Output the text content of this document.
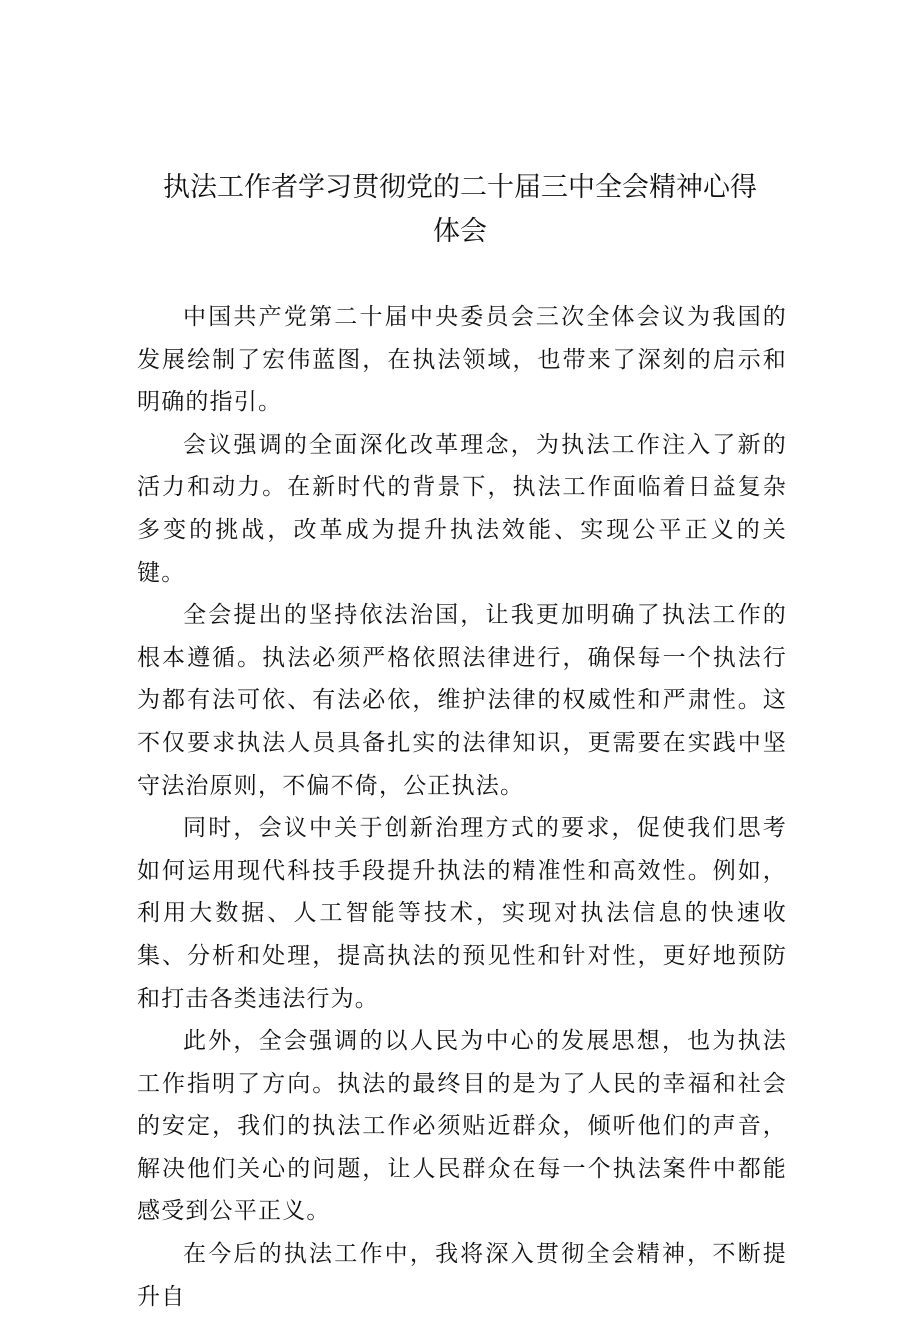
执法工作者学习贯彻党的二十届三中全会精神心得体会

中国共产党第二十届中央委员会三次全体会议为我国的发展绘制了宏伟蓝图，在执法领域，也带来了深刻的启示和明确的指引。

会议强调的全面深化改革理念，为执法工作注入了新的活力和动力。在新时代的背景下，执法工作面临着日益复杂多变的挑战，改革成为提升执法效能、实现公平正义的关键。

全会提出的坚持依法治国，让我更加明确了执法工作的根本遵循。执法必须严格依照法律进行，确保每一个执法行为都有法可依、有法必依，维护法律的权威性和严肃性。这不仅要求执法人员具备扎实的法律知识，更需要在实践中坚守法治原则，不偏不倚，公正执法。

同时，会议中关于创新治理方式的要求，促使我们思考如何运用现代科技手段提升执法的精准性和高效性。例如，利用大数据、人工智能等技术，实现对执法信息的快速收集、分析和处理，提高执法的预见性和针对性，更好地预防和打击各类违法行为。

此外，全会强调的以人民为中心的发展思想，也为执法工作指明了方向。执法的最终目的是为了人民的幸福和社会的安定，我们的执法工作必须贴近群众，倾听他们的声音，解决他们关心的问题，让人民群众在每一个执法案件中都能感受到公平正义。

在今后的执法工作中，我将深入贯彻全会精神，不断提升自
